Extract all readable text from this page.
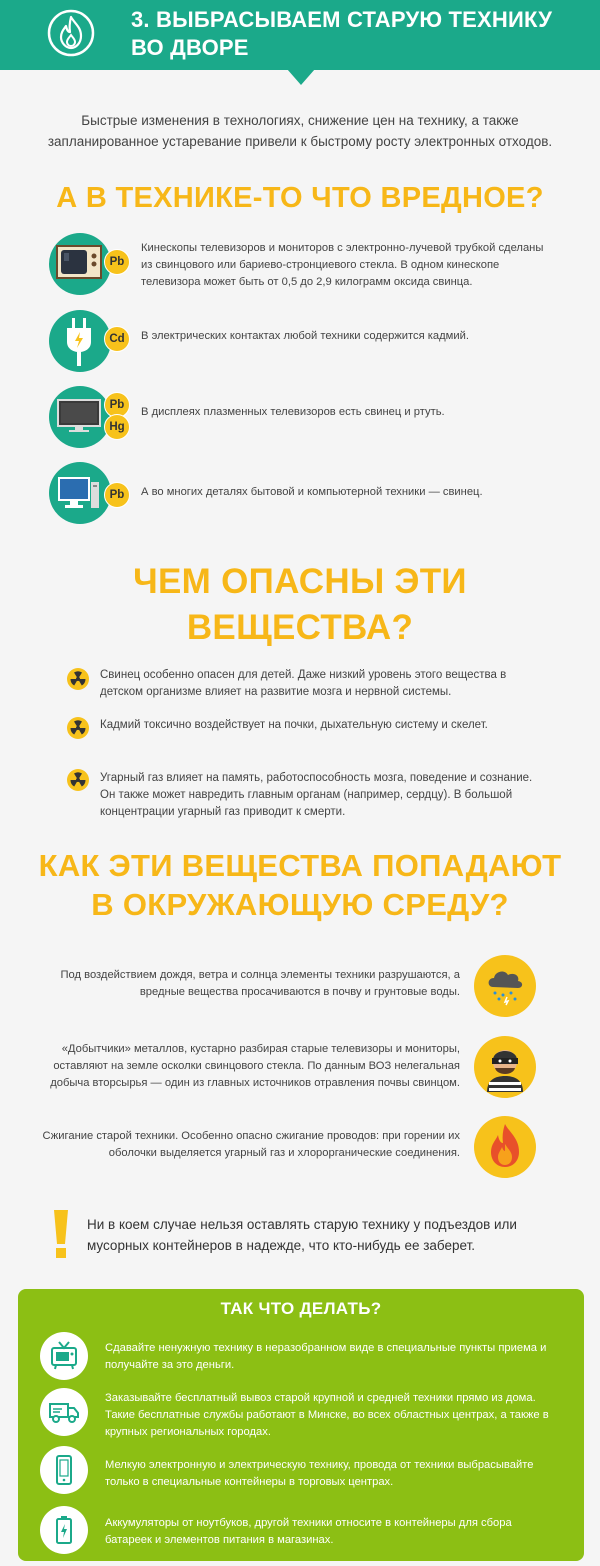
3. ВЫБРАСЫВАЕМ СТАРУЮ ТЕХНИКУ ВО ДВОРЕ
Быстрые изменения в технологиях, снижение цен на технику, а также запланированное устаревание привели к быстрому росту электронных отходов.
А В ТЕХНИКЕ-ТО ЧТО ВРЕДНОЕ?
Pb
Кинескопы телевизоров и мониторов с электронно-лучевой трубкой сделаны из свинцового или бариево-стронциевого стекла. В одном кинескопе телевизора может быть от 0,5 до 2,9 килограмм оксида свинца.
Cd	В электрических контактах любой техники содержится кадмий.
Pb
Hg
В дисплеях плазменных телевизоров есть свинец и ртуть.
Pb	А во многих деталях бытовой и компьютерной техники — свинец.
ЧЕМ ОПАСНЫ ЭТИ
ВЕЩЕСТВА?
Свинец особенно опасен для детей. Даже низкий уровень этого вещества в детском организме влияет на развитие мозга и нервной системы.
Кадмий токсично воздействует на почки, дыхательную систему и скелет.
Угарный газ влияет на память, работоспособность мозга, поведение и сознание. Он также может навредить главным органам (например, сердцу). В большой концентрации угарный газ приводит к смерти.
КАК ЭТИ ВЕЩЕСТВА ПОПАДАЮТ
В ОКРУЖАЮЩУЮ СРЕДУ?
Под воздействием дождя, ветра и солнца элементы техники разрушаются, а вредные вещества просачиваются в почву и грунтовые воды.
«Добытчики» металлов, кустарно разбирая старые телевизоры и мониторы, оставляют на земле осколки свинцового стекла. По данным ВОЗ нелегальная добыча вторсырья — один из главных источников отравления почвы свинцом.
Сжигание старой техники. Особенно опасно сжигание проводов: при горении их оболочки выделяется угарный газ и хлорорганические соединения.
Ни в коем случае нельзя оставлять старую технику у подъездов или мусорных контейнеров в надежде, что кто-нибудь ее заберет.
ТАК ЧТО ДЕЛАТЬ?
Сдавайте ненужную технику в неразобранном виде в специальные пункты приема и получайте за это деньги.
Заказывайте бесплатный вывоз старой крупной и средней техники прямо из дома. Такие бесплатные службы работают в Минске, во всех областных центрах, а также в крупных региональных городах.
Мелкую электронную и электрическую технику, провода от техники выбрасывайте только в специальные контейнеры в торговых центрах.
Аккумуляторы от ноутбуков, другой техники относите в контейнеры для сбора батареек и элементов питания в магазинах.
